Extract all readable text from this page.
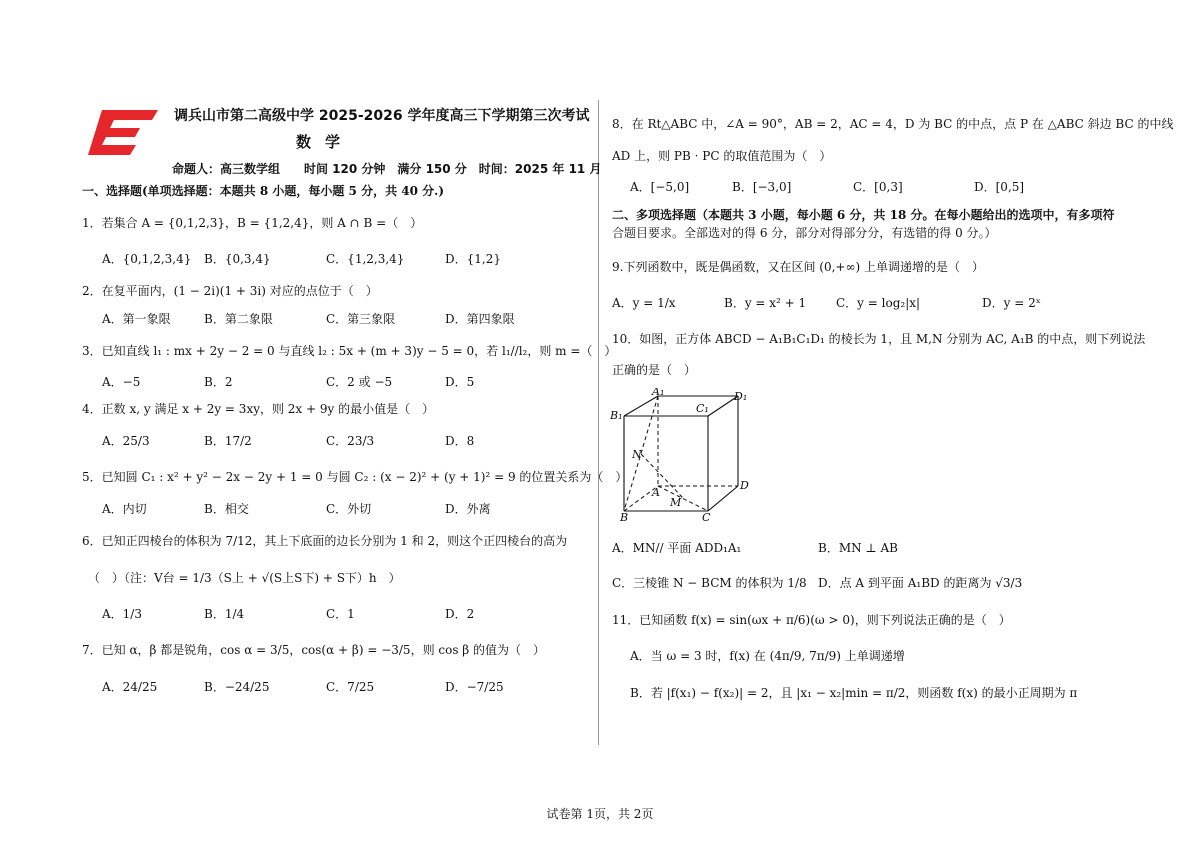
调兵山市第二高级中学 2025-2026 学年度高三下学期第三次考试
数学
命题人：高三数学组　　时间 120 分钟　满分 150 分　时间：2025 年 11 月
一、选择题(单项选择题：本题共 8 小题，每小题 5 分，共 40 分.)
1．若集合 A = {0,1,2,3}，B = {1,2,4}，则 A ∩ B =（　）
A．{0,1,2,3,4} B．{0,3,4}	C．{1,2,3,4}	D．{1,2}
2．在复平面内，(1 − 2i)(1 + 3i) 对应的点位于（　）
A．第一象限	B．第二象限	C．第三象限	D．第四象限
3．已知直线 l₁ : mx + 2y − 2 = 0 与直线 l₂ : 5x + (m + 3)y − 5 = 0，若 l₁//l₂，则 m =（　）
A．−5	B．2	C．2 或 −5	D．5
4．正数 x, y 满足 x + 2y = 3xy，则 2x + 9y 的最小值是（　）
A．25/3	B．17/2	C．23/3	D．8
5．已知圆 C₁ : x² + y² − 2x − 2y + 1 = 0 与圆 C₂ : (x − 2)² + (y + 1)² = 9 的位置关系为（　）
A．内切	B．相交	C．外切	D．外离
6．已知正四棱台的体积为 7/12，其上下底面的边长分别为 1 和 2，则这个正四棱台的高为
（　）（注：V台 = 1/3（S上 + √(S上S下) + S下）h　）
A．1/3	B．1/4	C．1	D．2
7．已知 α，β 都是锐角，cos α = 3/5，cos(α + β) = −3/5，则 cos β 的值为（　）
A．24/25	B．−24/25	C．7/25	D．−7/25
8．在 Rt△ABC 中，∠A = 90°，AB = 2，AC = 4，D 为 BC 的中点，点 P 在 △ABC 斜边 BC 的中线
AD 上，则 PB · PC 的取值范围为（　）
A．[−5,0]	B．[−3,0]	C．[0,3]	D．[0,5]
二、多项选择题（本题共 3 小题，每小题 6 分，共 18 分。在每小题给出的选项中，有多项符
合题目要求。全部选对的得 6 分，部分对得部分分，有选错的得 0 分。）
9.下列函数中，既是偶函数，又在区间 (0,+∞) 上单调递增的是（　）
A．y = 1/x	B．y = x² + 1 C．y = log₂|x|	D．y = 2ˣ
10．如图，正方体 ABCD − A₁B₁C₁D₁ 的棱长为 1，且 M,N 分别为 AC, A₁B 的中点，则下列说法
正确的是（　）
A₁
B₁
C₁
D₁
A
B	C
D
M
N
A．MN// 平面 ADD₁A₁	B．MN ⊥ AB
C．三棱锥 N − BCM 的体积为 1/8 D．点 A 到平面 A₁BD 的距离为 √3/3
11．已知函数 f(x) = sin(ωx + π/6)(ω > 0)，则下列说法正确的是（　）
A．当 ω = 3 时，f(x) 在 (4π/9, 7π/9) 上单调递增
B．若 |f(x₁) − f(x₂)| = 2，且 |x₁ − x₂|min = π/2，则函数 f(x) 的最小正周期为 π
试卷第 1页，共 2页
